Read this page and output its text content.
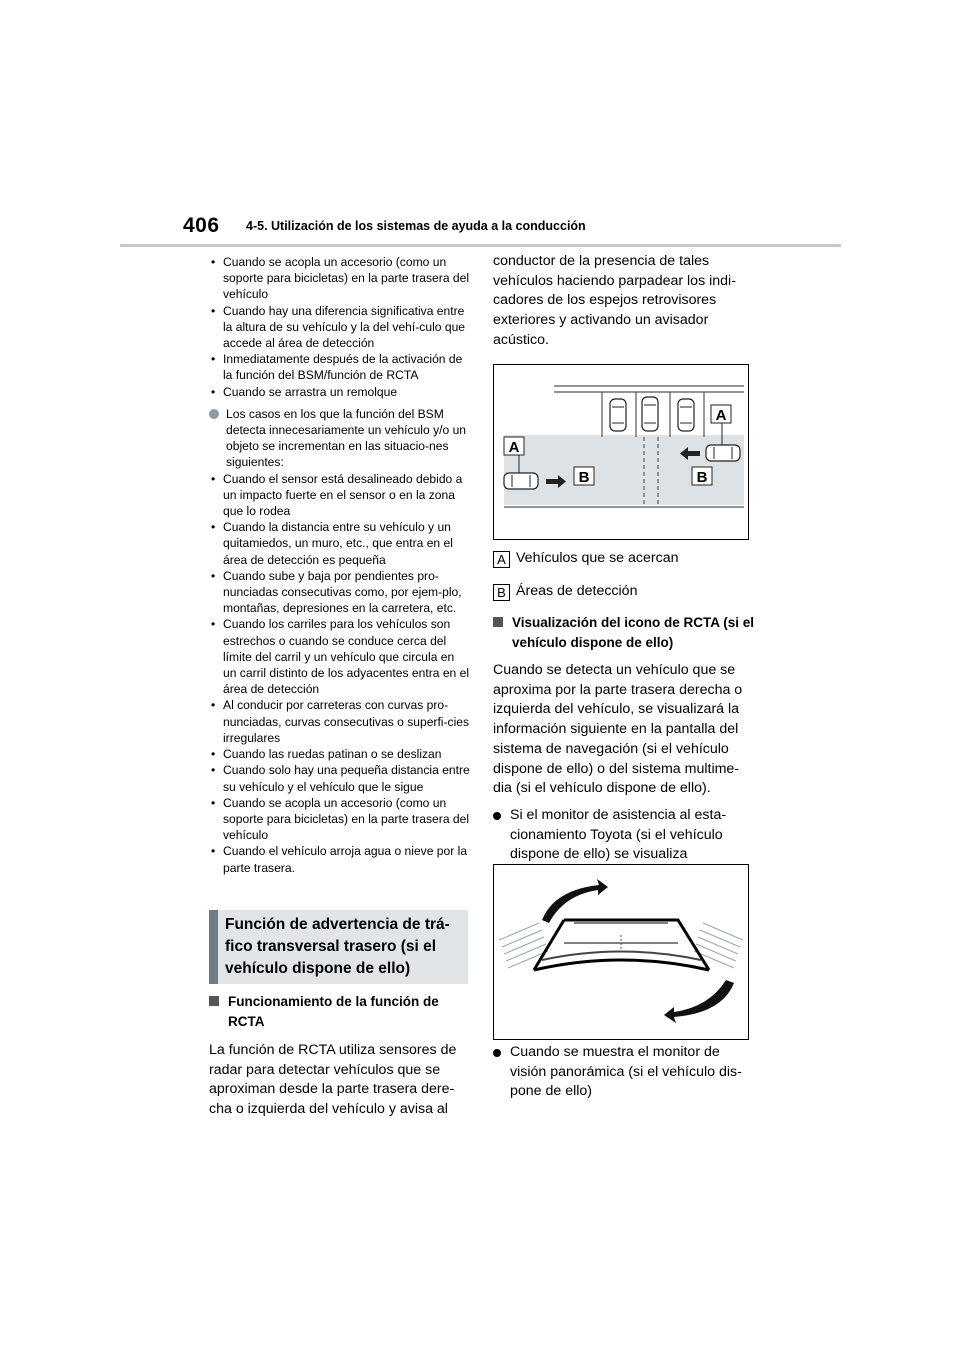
406 4-5. Utilización de los sistemas de ayuda a la conducción
• Cuando se acopla un accesorio (como un soporte para bicicletas) en la parte trasera del vehículo
• Cuando hay una diferencia significativa entre la altura de su vehículo y la del vehí-culo que accede al área de detección
• Inmediatamente después de la activación de la función del BSM/función de RCTA
• Cuando se arrastra un remolque
Los casos en los que la función del BSM detecta innecesariamente un vehículo y/o un objeto se incrementan en las situacio-nes siguientes:
• Cuando el sensor está desalineado debido a un impacto fuerte en el sensor o en la zona que lo rodea
• Cuando la distancia entre su vehículo y un quitamiedos, un muro, etc., que entra en el área de detección es pequeña
• Cuando sube y baja por pendientes pro-nunciadas consecutivas como, por ejem-plo, montañas, depresiones en la carretera, etc.
• Cuando los carriles para los vehículos son estrechos o cuando se conduce cerca del límite del carril y un vehículo que circula en un carril distinto de los adyacentes entra en el área de detección
• Al conducir por carreteras con curvas pro-nunciadas, curvas consecutivas o superfi-cies irregulares
• Cuando las ruedas patinan o se deslizan
• Cuando solo hay una pequeña distancia entre su vehículo y el vehículo que le sigue
• Cuando se acopla un accesorio (como un soporte para bicicletas) en la parte trasera del vehículo
• Cuando el vehículo arroja agua o nieve por la parte trasera.
Función de advertencia de trá-fico transversal trasero (si el vehículo dispone de ello)
Funcionamiento de la función de RCTA
La función de RCTA utiliza sensores de radar para detectar vehículos que se aproximan desde la parte trasera dere-cha o izquierda del vehículo y avisa al
conductor de la presencia de tales vehículos haciendo parpadear los indi-cadores de los espejos retrovisores exteriores y activando un avisador acústico.
A
A
B	B
A Vehículos que se acercan
B Áreas de detección
Visualización del icono de RCTA (si el vehículo dispone de ello)
Cuando se detecta un vehículo que se aproxima por la parte trasera derecha o izquierda del vehículo, se visualizará la información siguiente en la pantalla del sistema de navegación (si el vehículo dispone de ello) o del sistema multime-dia (si el vehículo dispone de ello).
Si el monitor de asistencia al esta-cionamiento Toyota (si el vehículo dispone de ello) se visualiza
Cuando se muestra el monitor de visión panorámica (si el vehículo dis-pone de ello)
